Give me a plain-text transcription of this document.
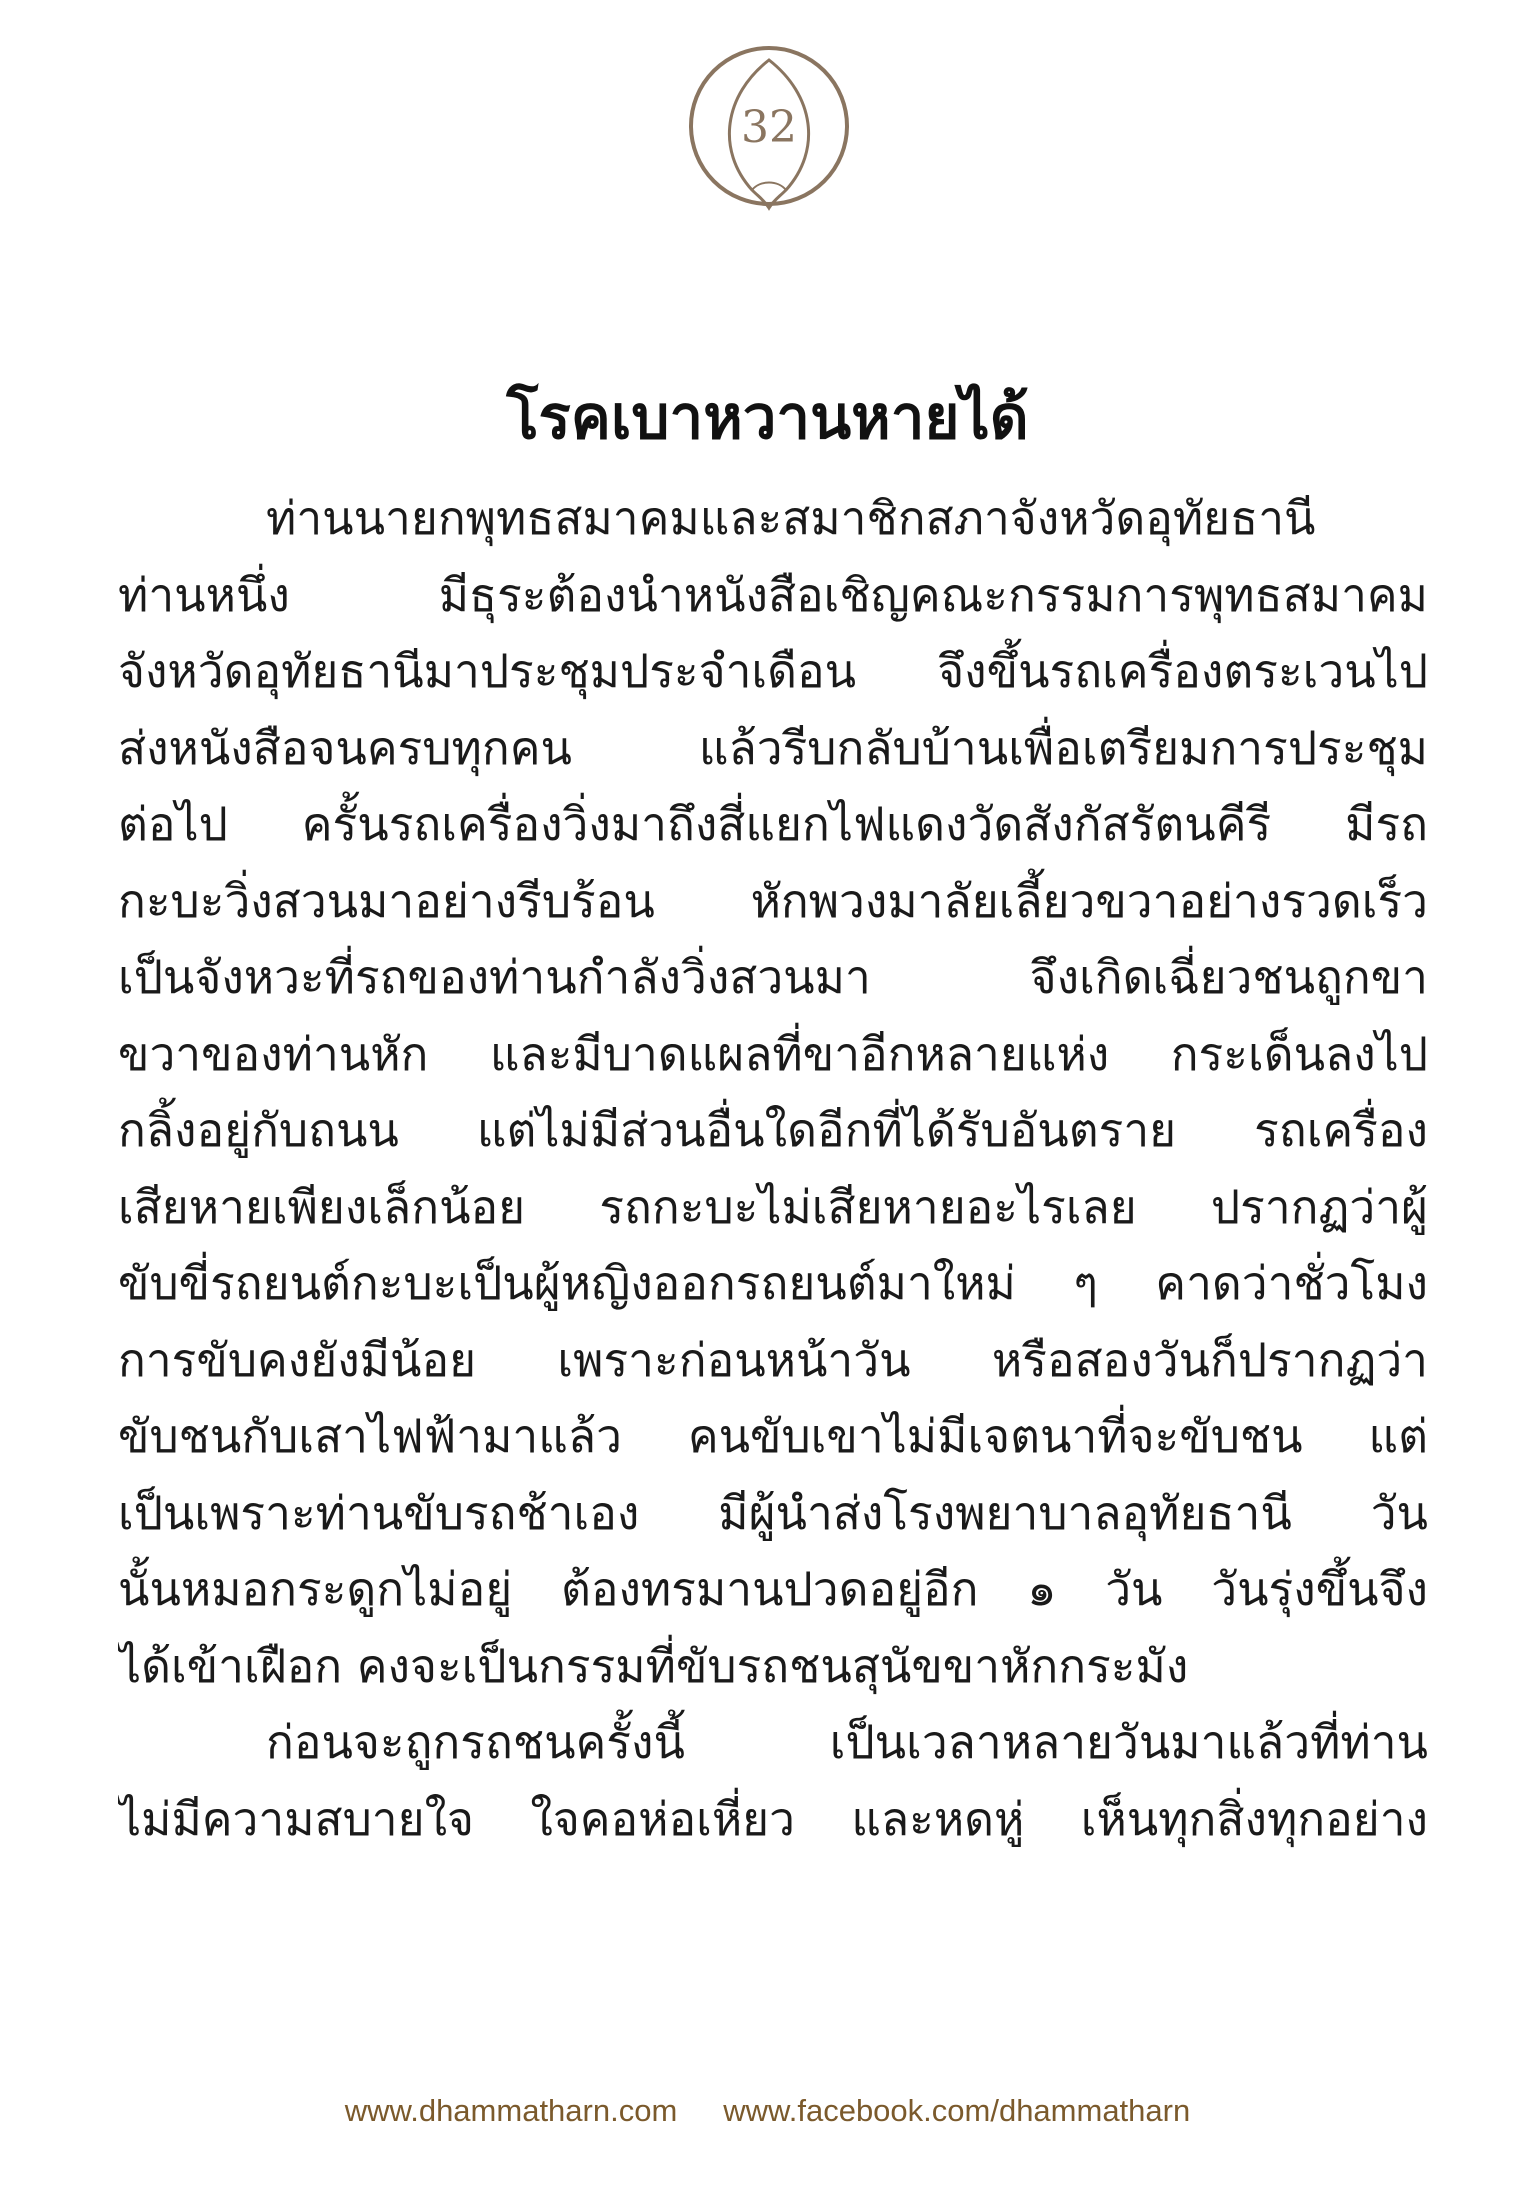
32
โรคเบาหวานหายได้
ท่านนายกพุทธสมาคมและสมาชิกสภาจังหวัดอุทัยธานี
ท่านหนึ่ง มีธุระต้องนำหนังสือเชิญคณะกรรมการพุทธสมาคม
จังหวัดอุทัยธานีมาประชุมประจำเดือน จึงขึ้นรถเครื่องตระเวนไป
ส่งหนังสือจนครบทุกคน แล้วรีบกลับบ้านเพื่อเตรียมการประชุม
ต่อไป ครั้นรถเครื่องวิ่งมาถึงสี่แยกไฟแดงวัดสังกัสรัตนคีรี มีรถ
กะบะวิ่งสวนมาอย่างรีบร้อน หักพวงมาลัยเลี้ยวขวาอย่างรวดเร็ว
เป็นจังหวะที่รถของท่านกำลังวิ่งสวนมา จึงเกิดเฉี่ยวชนถูกขา
ขวาของท่านหัก และมีบาดแผลที่ขาอีกหลายแห่ง กระเด็นลงไป
กลิ้งอยู่กับถนน แต่ไม่มีส่วนอื่นใดอีกที่ได้รับอันตราย รถเครื่อง
เสียหายเพียงเล็กน้อย รถกะบะไม่เสียหายอะไรเลย ปรากฏว่าผู้
ขับขี่รถยนต์กะบะเป็นผู้หญิงออกรถยนต์มาใหม่ ๆ คาดว่าชั่วโมง
การขับคงยังมีน้อย เพราะก่อนหน้าวัน หรือสองวันก็ปรากฏว่า
ขับชนกับเสาไฟฟ้ามาแล้ว คนขับเขาไม่มีเจตนาที่จะขับชน แต่
เป็นเพราะท่านขับรถช้าเอง มีผู้นำส่งโรงพยาบาลอุทัยธานี วัน
นั้นหมอกระดูกไม่อยู่ ต้องทรมานปวดอยู่อีก ๑ วัน วันรุ่งขึ้นจึง
ได้เข้าเฝือก คงจะเป็นกรรมที่ขับรถชนสุนัขขาหักกระมัง
ก่อนจะถูกรถชนครั้งนี้ เป็นเวลาหลายวันมาแล้วที่ท่าน
ไม่มีความสบายใจ ใจคอห่อเหี่ยว และหดหู่ เห็นทุกสิ่งทุกอย่าง
www.dhammatharn.com www.facebook.com/dhammatharn
